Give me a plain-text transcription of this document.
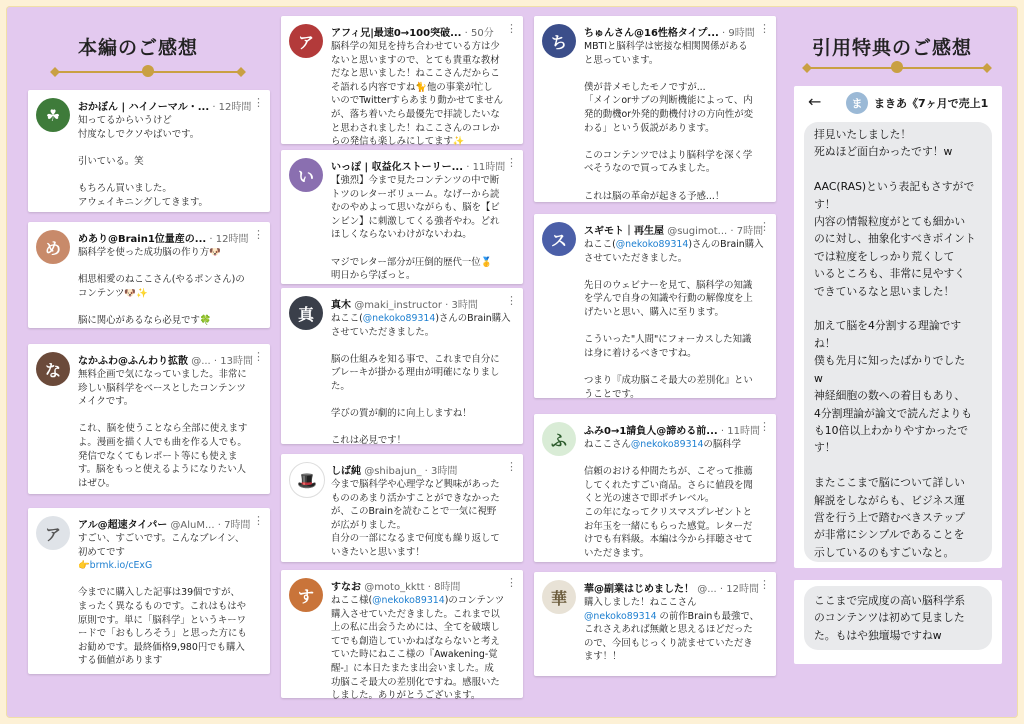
本編のご感想	引用特典のご感想
☘	おかぼん | ハイノーマル・... · 12時間 ⋮
知ってるからいうけど
忖度なしでクソやばいです。

引いている。笑

もちろん買いました。
アウェイキニングしてきます。
め	めあり@Brain1位量産の... · 12時間 ⋮
脳科学を使った成功脳の作り方🐶

相思相愛のねここさん(やるポンさん)の
コンテンツ🐶✨

脳に関心があるなら必見です🍀
な	なかふわ@ふんわり拡散 @... · 13時間 ⋮
無料企画で気になっていました。非常に
珍しい脳科学をベースとしたコンテンツ
メイクです。

これ、脳を使うことなら全部に使えます
よ。漫画を描く人でも曲を作る人でも。
発信でなくてもレポート等にも使えま
す。脳をもっと使えるようになりたい人
はぜひ。
ア	アル@超速タイパー @AluM... · 7時間 ⋮
すごい、すごいです。こんなブレイン、
初めてです
👉brmk.io/cExG

今までに購入した記事は39個ですが、
まったく異なるものです。これはもはや
原則です。単に「脳科学」というキーワ
ードで「おもしろそう」と思った方にも
お勧めです。最終価格9,980円でも購入
する価値があります
ア	アフィ兄|最速0→100突破... · 50分	⋮
脳科学の知見を持ち合わせている方は少
ないと思いますので、とても貴重な教材
だなと思いました！ねここさんだからこ
そ語れる内容ですね🐈他の事業が忙し
いのでTwitterすらあまり動かせてません
が、落ち着いたら最優先で拝読したいな
と思わされました！ねここさんのコレか
らの発信も楽しみにしてます✨
い	いっぽ | 収益化ストーリー... · 11時間 ⋮
【強烈】今まで見たコンテンツの中で断
トツのレターボリューム。なげーから読
むのやめよって思いながらも、脳を【ビ
ンビン】に刺激してくる強者やわ。どれ
ほしくならないわけがないわね。

マジでレター部分が圧倒的歴代一位🥇
明日から学ぼっと。
真	真木 @maki_instructor · 3時間	⋮
ねここ(@nekoko89314)さんのBrain購入
させていただきました。

脳の仕組みを知る事で、これまで自分に
ブレーキが掛かる理由が明確になりまし
た。

学びの質が劇的に向上しますね！

これは必見です！
🎩	しば純 @shibajun_ · 3時間	⋮
今まで脳科学や心理学など興味があった
もののあまり活かすことができなかった
が、このBrainを読むことで一気に視野
が広がりました。
自分の一部になるまで何度も繰り返して
いきたいと思います！
す	すなお @moto_kktt · 8時間	⋮
ねここ様(@nekoko89314)のコンテンツ
購入させていただきました。これまで以
上の私に出会うためには、全てを破壊し
てでも創造していかねばならないと考え
ていた時にねここ様の『Awakening-覚
醒-』に本日たまたま出会いました。成
功脳こそ最大の差別化ですね。感服いた
しました。ありがとうございます。
ち	ちゅんさん@16性格タイプ... · 9時間 ⋮
MBTIと脳科学は密接な相関関係がある
と思っています。

僕が昔メモしたモノですが...
「メインorサブの判断機能によって、内
発的動機or外発的動機付けの方向性が変
わる」という仮説があります。

このコンテンツではより脳科学を深く学
べそうなので買ってみました。

これは脳の革命が起きる予感...！
ス	スギモト｜再生屋 @sugimot... · 7時間
⋮
ねここ(@nekoko89314)さんのBrain購入
させていただきました。

先日のウェビナーを見て、脳科学の知識
を学んで自身の知識や行動の解像度を上
げたいと思い、購入に至ります。

こういった"人間"にフォーカスした知識
は身に着けるべきですね。

つまり『成功脳こそ最大の差別化』とい
うことです。
ふ	ふみ0→1請負人@諦める前... · 11時間 ⋮
ねここさん@nekoko89314の脳科学

信頼のおける仲間たちが、こぞって推薦
してくれたすごい商品。さらに値段を聞
くと光の速さで即ポチレベル。
この年になってクリスマスプレゼントと
お年玉を一緒にもらった感覚。レターだ
けでも有料級。本編は今から拝聴させて
いただきます。
華	華@副業はじめました！ @... · 12時間 ⋮
購入しました！ねここさん
@nekoko89314 の前作Brainも最強で、
これさえあれば無敵と思えるほどだった
ので、今回もじっくり読ませていただき
ます！！
←	ま	まきあ《7ヶ月で売上1
拝見いたしました！
死ぬほど面白かったです！w

AAC(RAS)という表記もさすがで
す！
内容の情報粒度がとても細かい
のに対し、抽象化すべきポイント
では粒度をしっかり荒くして
いるところも、非常に見やすく
できているなと思いました！

加えて脳を4分割する理論です
ね！
僕も先月に知ったばかりでした
w
神経細胞の数への着目もあり、
4分割理論が論文で読んだよりも
も10倍以上わかりやすかったで
す！

またここまで脳について詳しい
解説をしながらも、ビジネス運
営を行う上で踏むべきステップ
が非常にシンプルであることを
示しているのもすごいなと。
ここまで完成度の高い脳科学系
のコンテンツは初めて見ました
た。もはや独壇場ですねw
